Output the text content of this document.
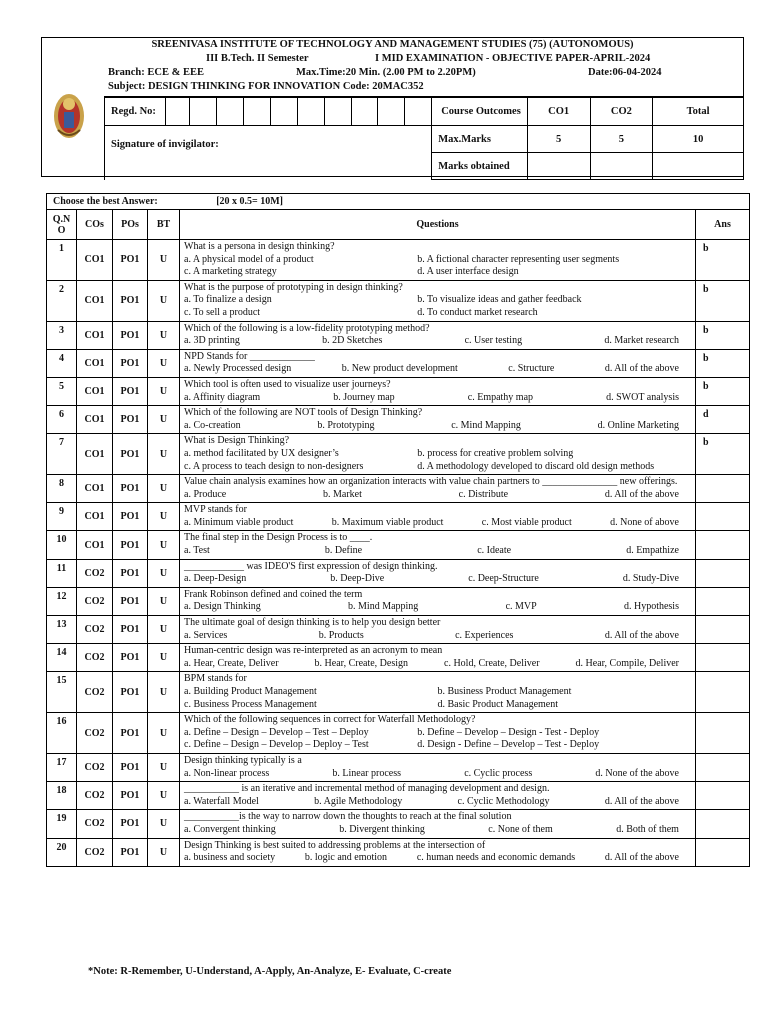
SREENIVASA INSTITUTE OF TECHNOLOGY AND MANAGEMENT STUDIES (75) (AUTONOMOUS)
III B.Tech. II Semester	I MID EXAMINATION - OBJECTIVE PAPER-APRIL-2024
Branch: ECE & EEE	Max.Time:20 Min. (2.00 PM to 2.20PM)	Date:06-04-2024
Subject: DESIGN THINKING FOR INNOVATION Code: 20MAC352
Regd. No:											Course Outcomes	CO1	CO2	Total
Signature of invigilator:											Max.Marks	5	5	10
											Marks obtained			
Choose the best Answer: [20 x 0.5= 10M]					
Q.N O	COs	POs	BT	Questions	Ans
1	CO1	PO1	U	What is a persona in design thinking?
a. A physical model of a product b. A fictional character representing user segments
c. A marketing strategy d. A user interface design	b
2	CO1	PO1	U	What is the purpose of prototyping in design thinking?
a. To finalize a design b. To visualize ideas and gather feedback
c. To sell a product d. To conduct market research	b
3	CO1	PO1	U	Which of the following is a low-fidelity prototyping method?
a. 3D printing b. 2D Sketches c. User testing d. Market research	b
4	CO1	PO1	U	NPD Stands for _____________
a. Newly Processed design b. New product development c. Structure d. All of the above	b
5	CO1	PO1	U	Which tool is often used to visualize user journeys?
a. Affinity diagram b. Journey map c. Empathy map d. SWOT analysis	b
6	CO1	PO1	U	Which of the following are NOT tools of Design Thinking?
a. Co-creation b. Prototyping c. Mind Mapping d. Online Marketing	d
7	CO1	PO1	U	What is Design Thinking?
a. method facilitated by UX designer’s b. process for creative problem solving
c. A process to teach design to non-designers d. A methodology developed to discard old design methods	b
8	CO1	PO1	U	Value chain analysis examines how an organization interacts with value chain partners to _______________ new offerings.
a. Produce b. Market c. Distribute d. All of the above	

9	CO1	PO1	U	MVP stands for
a. Minimum viable product b. Maximum viable product c. Most viable product d. None of above	

10	CO1	PO1	U	The final step in the Design Process is to ____.
a. Test b. Define c. Ideate d. Empathize	

11	CO2	PO1	U	____________ was IDEO'S first expression of design thinking.
a. Deep-Design b. Deep-Dive c. Deep-Structure d. Study-Dive	

12	CO2	PO1	U	Frank Robinson defined and coined the term
a. Design Thinking b. Mind Mapping c. MVP d. Hypothesis	

13	CO2	PO1	U	The ultimate goal of design thinking is to help you design better
a. Services b. Products c. Experiences d. All of the above	

14	CO2	PO1	U	Human-centric design was re-interpreted as an acronym to mean
a. Hear, Create, Deliver b. Hear, Create, Design c. Hold, Create, Deliver d. Hear, Compile, Deliver	

15	CO2	PO1	U	BPM stands for
a. Building Product Management b. Business Product Management
c. Business Process Management d. Basic Product Management	

16	CO2	PO1	U	Which of the following sequences in correct for Waterfall Methodology?
a. Define – Design – Develop – Test – Deploy b. Define – Develop – Design - Test - Deploy
c. Define – Design – Develop – Deploy – Test d. Design - Define – Develop – Test - Deploy	

17	CO2	PO1	U	Design thinking typically is a
a. Non-linear process b. Linear process c. Cyclic process d. None of the above	

18	CO2	PO1	U	___________ is an iterative and incremental method of managing development and design.
a. Waterfall Model b. Agile Methodology c. Cyclic Methodology d. All of the above	

19	CO2	PO1	U	___________is the way to narrow down the thoughts to reach at the final solution
a. Convergent thinking b. Divergent thinking c. None of them d. Both of them	

20	CO2	PO1	U	Design Thinking is best suited to addressing problems at the intersection of
a. business and society b. logic and emotion c. human needs and economic demands d. All of the above	

*Note: R-Remember, U-Understand, A-Apply, An-Analyze, E- Evaluate, C-create
